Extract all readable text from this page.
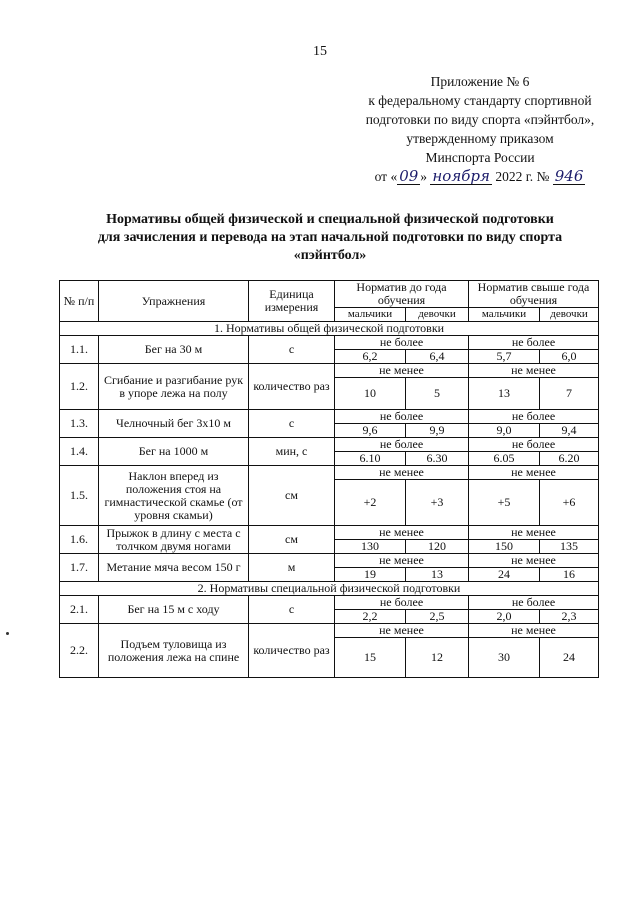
15
Приложение № 6
к федеральному стандарту спортивной
подготовки по виду спорта «пэйнтбол»,
утвержденному приказом
Минспорта России
от « 09 » ноября 2022 г. № 946
Нормативы общей физической и специальной физической подготовки
для зачисления и перевода на этап начальной подготовки по виду спорта
«пэйнтбол»
№ п/п	Упражнения	Единица измерения	Норматив до года обучения		Норматив свыше года обучения	
			мальчики	девочки	мальчики	девочки
1. Нормативы общей физической подготовки						
1.1.	Бег на 30 м	с	не более		не более	
			6,2	6,4	5,7	6,0
1.2.	Сгибание и разгибание рук в упоре лежа на полу	количество раз	не менее		не менее	
			10	5	13	7
1.3.	Челночный бег 3х10 м	с	не более		не более	
			9,6	9,9	9,0	9,4
1.4.	Бег на 1000 м	мин, с	не более		не более	
			6.10	6.30	6.05	6.20
1.5.	Наклон вперед из положения стоя на гимнастической скамье (от уровня скамьи)	см	не менее		не менее	
			+2	+3	+5	+6
1.6.	Прыжок в длину с места с толчком двумя ногами	см	не менее		не менее	
			130	120	150	135
1.7.	Метание мяча весом 150 г	м	не менее		не менее	
			19	13	24	16
2. Нормативы специальной физической подготовки						
2.1.	Бег на 15 м с ходу	с	не более		не более	
			2,2	2,5	2,0	2,3
2.2.	Подъем туловища из положения лежа на спине	количество раз	не менее		не менее	
			15	12	30	24
